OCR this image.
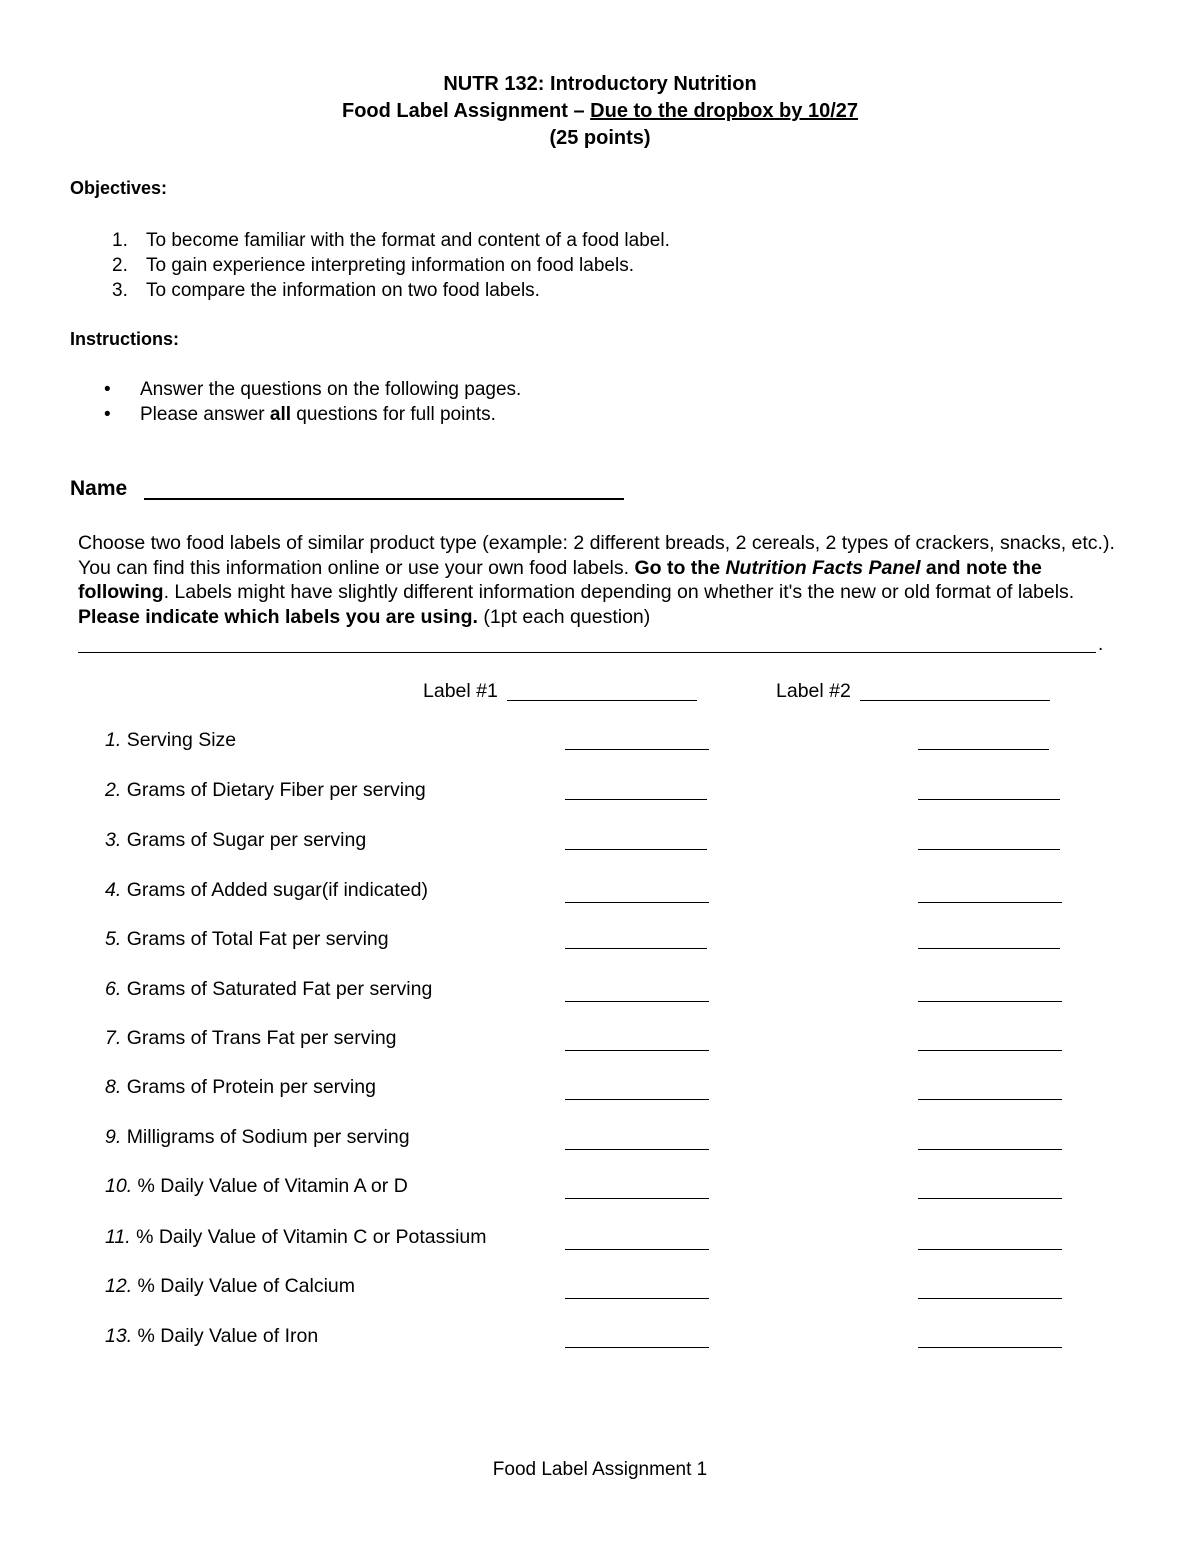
NUTR 132: Introductory Nutrition
Food Label Assignment – Due to the dropbox by 10/27
(25 points)
Objectives:
1. To become familiar with the format and content of a food label.
2. To gain experience interpreting information on food labels.
3. To compare the information on two food labels.
Instructions:
• Answer the questions on the following pages.
• Please answer all questions for full points.
Name
Choose two food labels of similar product type (example: 2 different breads, 2 cereals, 2 types of crackers, snacks, etc.). You can find this information online or use your own food labels. Go to the Nutrition Facts Panel and note the following. Labels might have slightly different information depending on whether it's the new or old format of labels. Please indicate which labels you are using. (1pt each question)
.
Label #1	Label #2
1. Serving Size
2. Grams of Dietary Fiber per serving
3. Grams of Sugar per serving
4. Grams of Added sugar(if indicated)
5. Grams of Total Fat per serving
6. Grams of Saturated Fat per serving
7. Grams of Trans Fat per serving
8. Grams of Protein per serving
9. Milligrams of Sodium per serving
10. % Daily Value of Vitamin A or D
11. % Daily Value of Vitamin C or Potassium
12. % Daily Value of Calcium
13. % Daily Value of Iron
Food Label Assignment 1
